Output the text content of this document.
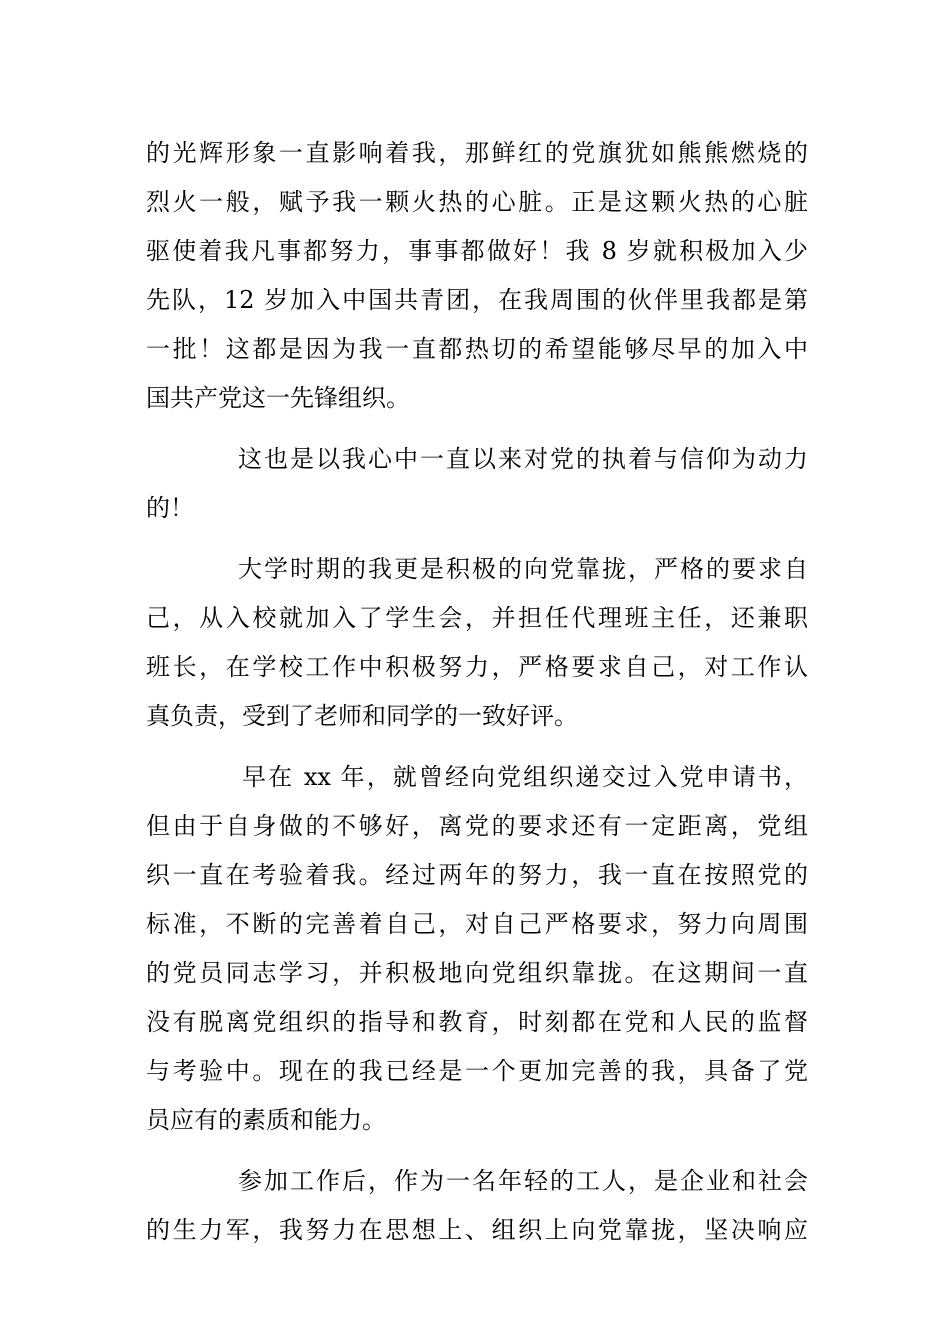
的光辉形象一直影响着我，那鲜红的党旗犹如熊熊燃烧的
烈火一般，赋予我一颗火热的心脏。正是这颗火热的心脏
驱使着我凡事都努力，事事都做好！我 8 岁就积极加入少
先队，12 岁加入中国共青团，在我周围的伙伴里我都是第
一批！这都是因为我一直都热切的希望能够尽早的加入中
国共产党这一先锋组织。
这也是以我心中一直以来对党的执着与信仰为动力
的！
大学时期的我更是积极的向党靠拢，严格的要求自
己，从入校就加入了学生会，并担任代理班主任，还兼职
班长，在学校工作中积极努力，严格要求自己，对工作认
真负责，受到了老师和同学的一致好评。
早在 xx 年，就曾经向党组织递交过入党申请书，
但由于自身做的不够好，离党的要求还有一定距离，党组
织一直在考验着我。经过两年的努力，我一直在按照党的
标准，不断的完善着自己，对自己严格要求，努力向周围
的党员同志学习，并积极地向党组织靠拢。在这期间一直
没有脱离党组织的指导和教育，时刻都在党和人民的监督
与考验中。现在的我已经是一个更加完善的我，具备了党
员应有的素质和能力。
参加工作后，作为一名年轻的工人，是企业和社会
的生力军，我努力在思想上、组织上向党靠拢，坚决响应
